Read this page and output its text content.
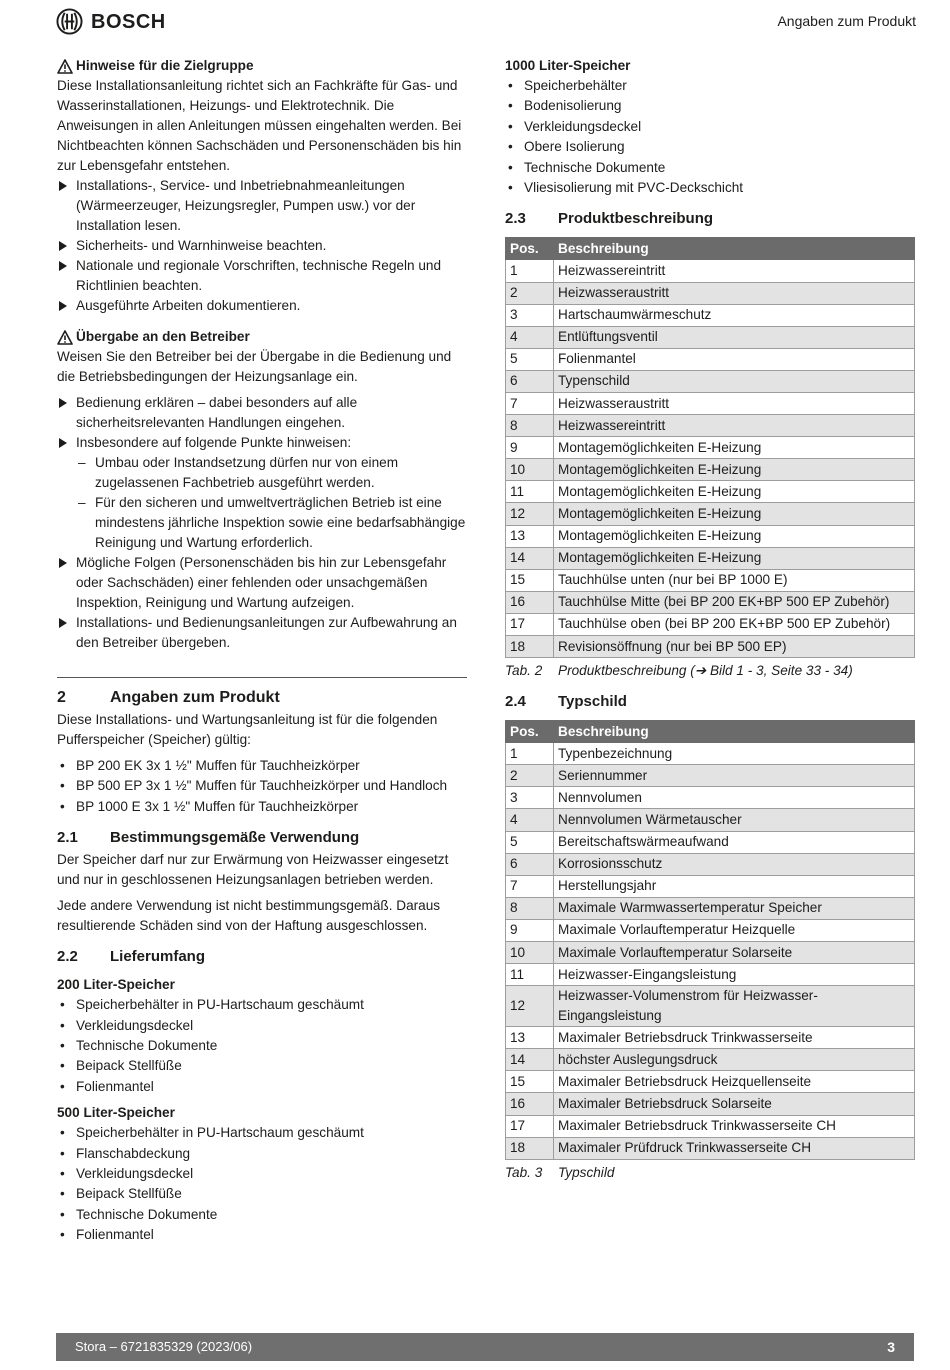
BOSCH	Angaben zum Produkt
Hinweise für die Zielgruppe

Diese Installationsanleitung richtet sich an Fachkräfte für Gas- und Wasserinstallationen, Heizungs- und Elektrotechnik. Die Anweisungen in allen Anleitungen müssen eingehalten werden. Bei Nichtbeachten können Sachschäden und Personenschäden bis hin zur Lebensgefahr entstehen.

Installations-, Service- und Inbetriebnahmeanleitungen (Wärmeerzeuger, Heizungsregler, Pumpen usw.) vor der Installation lesen.
Sicherheits- und Warnhinweise beachten.
Nationale und regionale Vorschriften, technische Regeln und Richtlinien beachten.
Ausgeführte Arbeiten dokumentieren.
Übergabe an den Betreiber

Weisen Sie den Betreiber bei der Übergabe in die Bedienung und die Betriebsbedingungen der Heizungsanlage ein.

Bedienung erklären – dabei besonders auf alle sicherheitsrelevanten Handlungen eingehen.
Insbesondere auf folgende Punkte hinweisen:
– Umbau oder Instandsetzung dürfen nur von einem zugelassenen Fachbetrieb ausgeführt werden.
– Für den sicheren und umweltverträglichen Betrieb ist eine mindestens jährliche Inspektion sowie eine bedarfsabhängige Reinigung und Wartung erforderlich.
Mögliche Folgen (Personenschäden bis hin zur Lebensgefahr oder Sachschäden) einer fehlenden oder unsachgemäßen Inspektion, Reinigung und Wartung aufzeigen.
Installations- und Bedienungsanleitungen zur Aufbewahrung an den Betreiber übergeben.
2	Angaben zum Produkt

Diese Installations- und Wartungsanleitung ist für die folgenden Pufferspeicher (Speicher) gültig:

• BP 200 EK 3x 1 ½" Muffen für Tauchheizkörper
• BP 500 EP 3x 1 ½" Muffen für Tauchheizkörper und Handloch
• BP 1000 E 3x 1 ½" Muffen für Tauchheizkörper
2.1	Bestimmungsgemäße Verwendung

Der Speicher darf nur zur Erwärmung von Heizwasser eingesetzt und nur in geschlossenen Heizungsanlagen betrieben werden.

Jede andere Verwendung ist nicht bestimmungsgemäß. Daraus resultierende Schäden sind von der Haftung ausgeschlossen.

2.2	Lieferumfang
200 Liter-Speicher
• Speicherbehälter in PU-Hartschaum geschäumt
• Verkleidungsdeckel
• Technische Dokumente
• Beipack Stellfüße
• Folienmantel
500 Liter-Speicher
• Speicherbehälter in PU-Hartschaum geschäumt
• Flanschabdeckung
• Verkleidungsdeckel
• Beipack Stellfüße
• Technische Dokumente
• Folienmantel
1000 Liter-Speicher
• Speicherbehälter
• Bodenisolierung
• Verkleidungsdeckel
• Obere Isolierung
• Technische Dokumente
• Vliesisolierung mit PVC-Deckschicht
2.3	Produktbeschreibung
Pos.	Beschreibung
1	Heizwassereintritt
2	Heizwasseraustritt
3	Hartschaumwärmeschutz
4	Entlüftungsventil
5	Folienmantel
6	Typenschild
7	Heizwasseraustritt
8	Heizwassereintritt
9	Montagemöglichkeiten E-Heizung
10	Montagemöglichkeiten E-Heizung
11	Montagemöglichkeiten E-Heizung
12	Montagemöglichkeiten E-Heizung
13	Montagemöglichkeiten E-Heizung
14	Montagemöglichkeiten E-Heizung
15	Tauchhülse unten (nur bei BP 1000 E)
16	Tauchhülse Mitte (bei BP 200 EK+BP 500 EP Zubehör)
17	Tauchhülse oben (bei BP 200 EK+BP 500 EP Zubehör)
18	Revisionsöffnung (nur bei BP 500 EP)
Tab. 2	Produktbeschreibung (➔ Bild 1 - 3, Seite 33 - 34)
2.4	Typschild
Pos.	Beschreibung
1	Typenbezeichnung
2	Seriennummer
3	Nennvolumen
4	Nennvolumen Wärmetauscher
5	Bereitschaftswärmeaufwand
6	Korrosionsschutz
7	Herstellungsjahr
8	Maximale Warmwassertemperatur Speicher
9	Maximale Vorlauftemperatur Heizquelle
10	Maximale Vorlauftemperatur Solarseite
11	Heizwasser-Eingangsleistung
12	Heizwasser-Volumenstrom für Heizwasser-Eingangsleistung
13	Maximaler Betriebsdruck Trinkwasserseite
14	höchster Auslegungsdruck
15	Maximaler Betriebsdruck Heizquellenseite
16	Maximaler Betriebsdruck Solarseite
17	Maximaler Betriebsdruck Trinkwasserseite CH
18	Maximaler Prüfdruck Trinkwasserseite CH
Tab. 3	Typschild
Stora – 6721835329 (2023/06)	3
